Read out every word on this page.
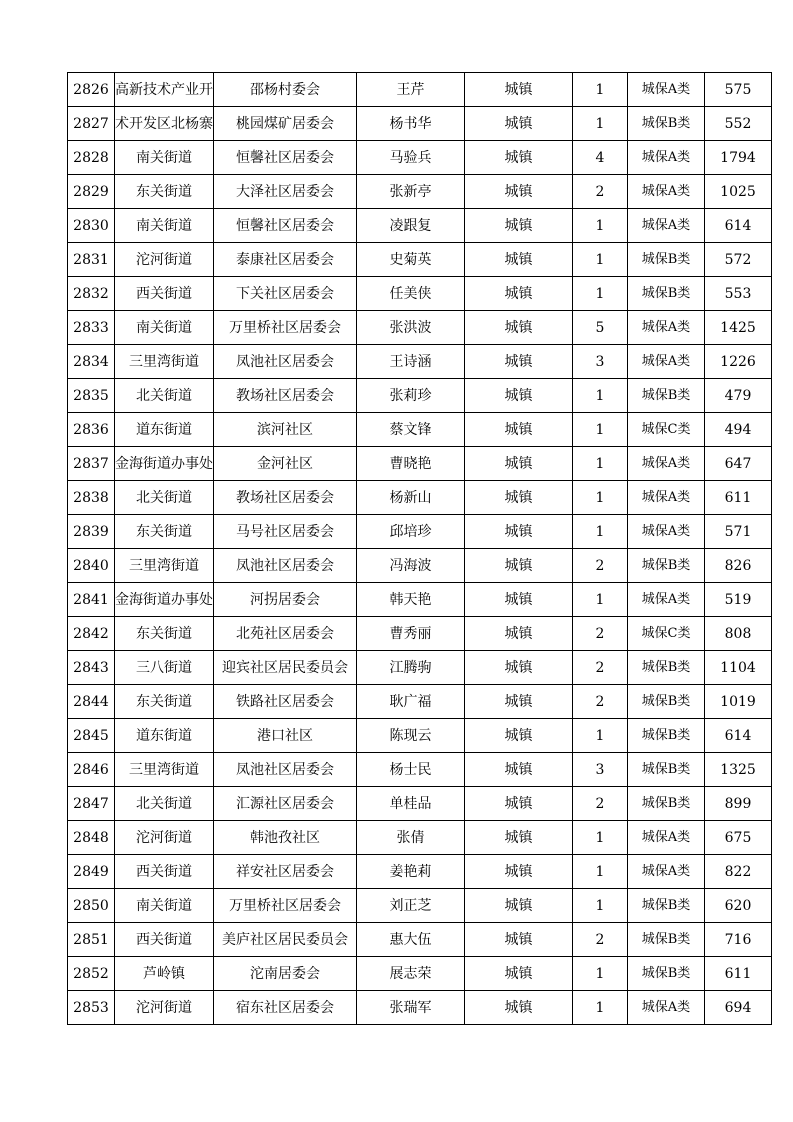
2826	高新技术产业开	邵杨村委会	王芹	城镇	1	城保A类	575
2827	术开发区北杨寨	桃园煤矿居委会	杨书华	城镇	1	城保B类	552
2828	南关街道	恒馨社区居委会	马验兵	城镇	4	城保A类	1794
2829	东关街道	大泽社区居委会	张新亭	城镇	2	城保A类	1025
2830	南关街道	恒馨社区居委会	凌跟复	城镇	1	城保A类	614
2831	沱河街道	泰康社区居委会	史菊英	城镇	1	城保B类	572
2832	西关街道	下关社区居委会	任美侠	城镇	1	城保B类	553
2833	南关街道	万里桥社区居委会	张洪波	城镇	5	城保A类	1425
2834	三里湾街道	凤池社区居委会	王诗涵	城镇	3	城保A类	1226
2835	北关街道	教场社区居委会	张莉珍	城镇	1	城保B类	479
2836	道东街道	滨河社区	蔡文锋	城镇	1	城保C类	494
2837	金海街道办事处	金河社区	曹晓艳	城镇	1	城保A类	647
2838	北关街道	教场社区居委会	杨新山	城镇	1	城保A类	611
2839	东关街道	马号社区居委会	邱培珍	城镇	1	城保A类	571
2840	三里湾街道	凤池社区居委会	冯海波	城镇	2	城保B类	826
2841	金海街道办事处	河拐居委会	韩天艳	城镇	1	城保A类	519
2842	东关街道	北苑社区居委会	曹秀丽	城镇	2	城保C类	808
2843	三八街道	迎宾社区居民委员会	江腾驹	城镇	2	城保B类	1104
2844	东关街道	铁路社区居委会	耿广福	城镇	2	城保B类	1019
2845	道东街道	港口社区	陈现云	城镇	1	城保B类	614
2846	三里湾街道	凤池社区居委会	杨士民	城镇	3	城保B类	1325
2847	北关街道	汇源社区居委会	单桂品	城镇	2	城保B类	899
2848	沱河街道	韩池孜社区	张倩	城镇	1	城保A类	675
2849	西关街道	祥安社区居委会	姜艳莉	城镇	1	城保A类	822
2850	南关街道	万里桥社区居委会	刘正芝	城镇	1	城保B类	620
2851	西关街道	美庐社区居民委员会	惠大伍	城镇	2	城保B类	716
2852	芦岭镇	沱南居委会	展志荣	城镇	1	城保B类	611
2853	沱河街道	宿东社区居委会	张瑞军	城镇	1	城保A类	694
